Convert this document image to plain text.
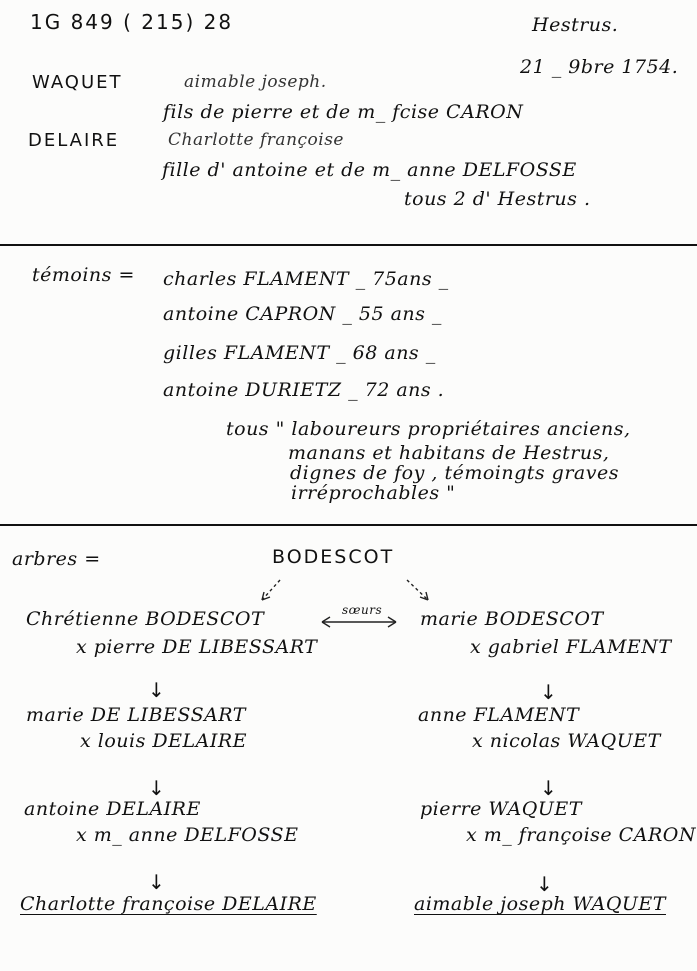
1G 849 ( 215) 28	Hestrus.
21 _ 9bre 1754.
WAQUET	aimable joseph.
fils de pierre et de m_ fcise CARON
DELAIRE	Charlotte françoise
fille d' antoine et de m_ anne DELFOSSE
tous 2 d' Hestrus .
témoins = charles FLAMENT _ 75ans _
antoine CAPRON _ 55 ans _
gilles FLAMENT _ 68 ans _
antoine DURIETZ _ 72 ans .
tous " laboureurs propriétaires anciens,
manans et habitans de Hestrus,
dignes de foy , témoingts graves
irréprochables "
arbres =	BODESCOT
sœurs
Chrétienne BODESCOT
x pierre DE LIBESSART
↓
marie DE LIBESSART
x louis DELAIRE
↓
antoine DELAIRE
x m_ anne DELFOSSE
↓
Charlotte françoise DELAIRE
marie BODESCOT
x gabriel FLAMENT
↓
anne FLAMENT
x nicolas WAQUET
↓
pierre WAQUET
x m_ françoise CARON
↓
aimable joseph WAQUET
